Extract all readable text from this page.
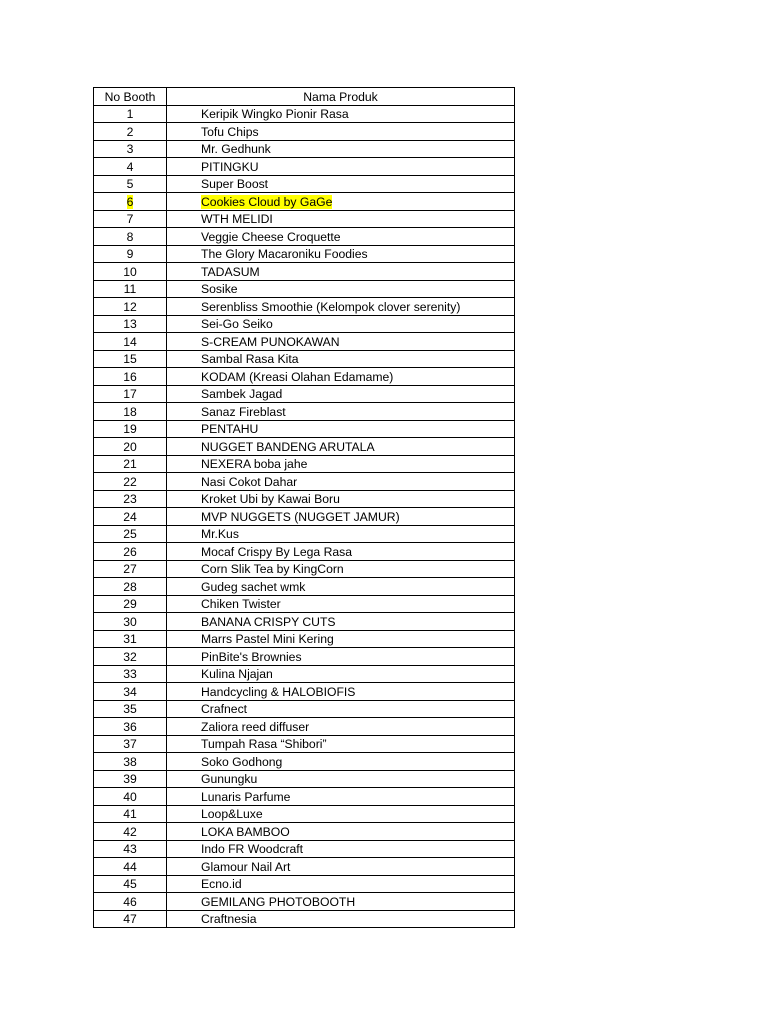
No Booth	Nama Produk
1	Keripik Wingko Pionir Rasa
2	Tofu Chips
3	Mr. Gedhunk
4	PITINGKU
5	Super Boost
6	Cookies Cloud by GaGe
7	WTH MELIDI
8	Veggie Cheese Croquette
9	The Glory Macaroniku Foodies
10	TADASUM
11	Sosike
12	Serenbliss Smoothie (Kelompok clover serenity)
13	Sei-Go Seiko
14	S-CREAM PUNOKAWAN
15	Sambal Rasa Kita
16	KODAM (Kreasi Olahan Edamame)
17	Sambek Jagad
18	Sanaz Fireblast
19	PENTAHU
20	NUGGET BANDENG ARUTALA
21	NEXERA boba jahe
22	Nasi Cokot Dahar
23	Kroket Ubi by Kawai Boru
24	MVP NUGGETS (NUGGET JAMUR)
25	Mr.Kus
26	Mocaf Crispy By Lega Rasa
27	Corn Slik Tea by KingCorn
28	Gudeg sachet wmk
29	Chiken Twister
30	BANANA CRISPY CUTS
31	Marrs Pastel Mini Kering
32	PinBite's Brownies
33	Kulina Njajan
34	Handcycling & HALOBIOFIS
35	Crafnect
36	Zaliora reed diffuser
37	Tumpah Rasa “Shibori”
38	Soko Godhong
39	Gunungku
40	Lunaris Parfume
41	Loop&Luxe
42	LOKA BAMBOO
43	Indo FR Woodcraft
44	Glamour Nail Art
45	Ecno.id
46	GEMILANG PHOTOBOOTH
47	Craftnesia
